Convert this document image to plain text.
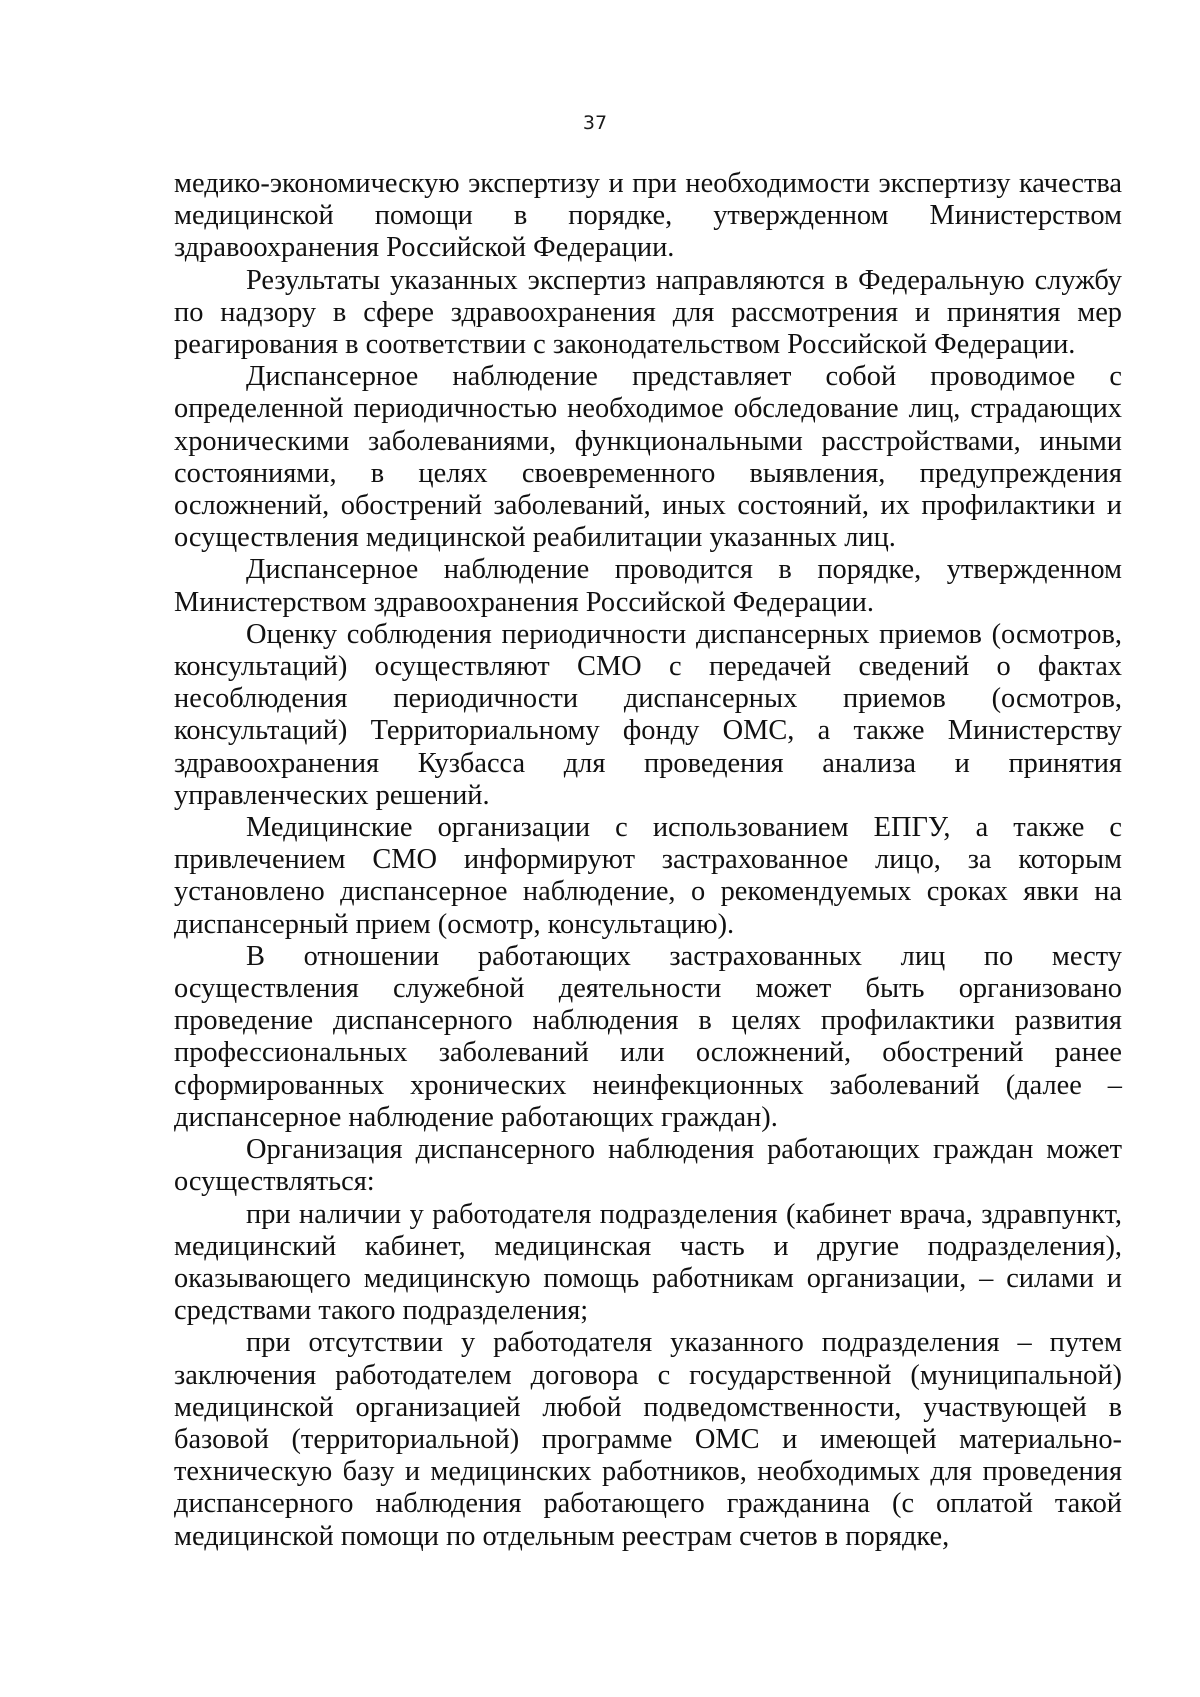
37

медико-экономическую экспертизу и при необходимости экспертизу качества медицинской помощи в порядке, утвержденном Министерством здравоохранения Российской Федерации.

Результаты указанных экспертиз направляются в Федеральную службу по надзору в сфере здравоохранения для рассмотрения и принятия мер реагирования в соответствии с законодательством Российской Федерации.

Диспансерное наблюдение представляет собой проводимое с определенной периодичностью необходимое обследование лиц, страдающих хроническими заболеваниями, функциональными расстройствами, иными состояниями, в целях своевременного выявления, предупреждения осложнений, обострений заболеваний, иных состояний, их профилактики и осуществления медицинской реабилитации указанных лиц.

Диспансерное наблюдение проводится в порядке, утвержденном Министерством здравоохранения Российской Федерации.

Оценку соблюдения периодичности диспансерных приемов (осмотров, консультаций) осуществляют СМО с передачей сведений о фактах несоблюдения периодичности диспансерных приемов (осмотров, консультаций) Территориальному фонду ОМС, а также Министерству здравоохранения Кузбасса для проведения анализа и принятия управленческих решений.

Медицинские организации с использованием ЕПГУ, а также с привлечением СМО информируют застрахованное лицо, за которым установлено диспансерное наблюдение, о рекомендуемых сроках явки на диспансерный прием (осмотр, консультацию).

В отношении работающих застрахованных лиц по месту осуществления служебной деятельности может быть организовано проведение диспансерного наблюдения в целях профилактики развития профессиональных заболеваний или осложнений, обострений ранее сформированных хронических неинфекционных заболеваний (далее – диспансерное наблюдение работающих граждан).

Организация диспансерного наблюдения работающих граждан может осуществляться:

при наличии у работодателя подразделения (кабинет врача, здравпункт, медицинский кабинет, медицинская часть и другие подразделения), оказывающего медицинскую помощь работникам организации, – силами и средствами такого подразделения;

при отсутствии у работодателя указанного подразделения – путем заключения работодателем договора с государственной (муниципальной) медицинской организацией любой подведомственности, участвующей в базовой (территориальной) программе ОМС и имеющей материально-техническую базу и медицинских работников, необходимых для проведения диспансерного наблюдения работающего гражданина (с оплатой такой медицинской помощи по отдельным реестрам счетов в порядке,
